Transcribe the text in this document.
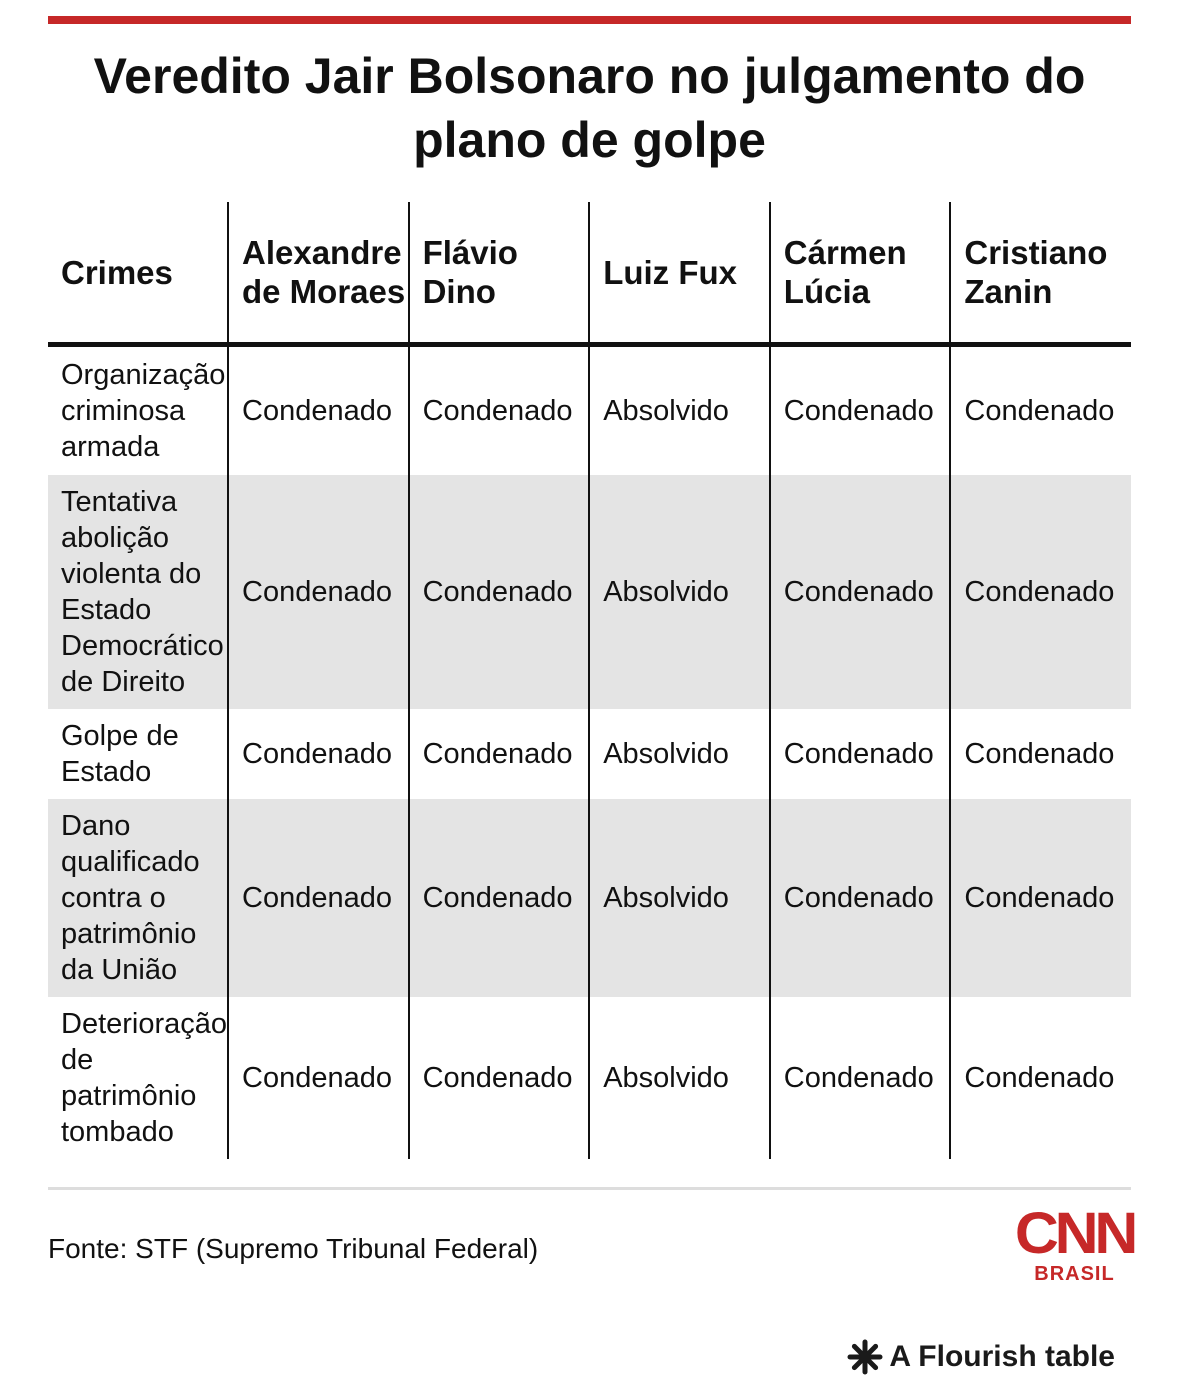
Veredito Jair Bolsonaro no julgamento do plano de golpe
Crimes	Alexandre de Moraes	Flávio Dino	Luiz Fux	Cármen Lúcia	Cristiano Zanin
Organização criminosa armada	Condenado	Condenado	Absolvido	Condenado	Condenado
Tentativa abolição violenta do Estado Democrático de Direito	Condenado	Condenado	Absolvido	Condenado	Condenado
Golpe de Estado	Condenado	Condenado	Absolvido	Condenado	Condenado
Dano qualificado contra o patrimônio da União	Condenado	Condenado	Absolvido	Condenado	Condenado
Deterioração de patrimônio tombado	Condenado	Condenado	Absolvido	Condenado	Condenado
Fonte: STF (Supremo Tribunal Federal)	CNN
BRASIL
A Flourish table
